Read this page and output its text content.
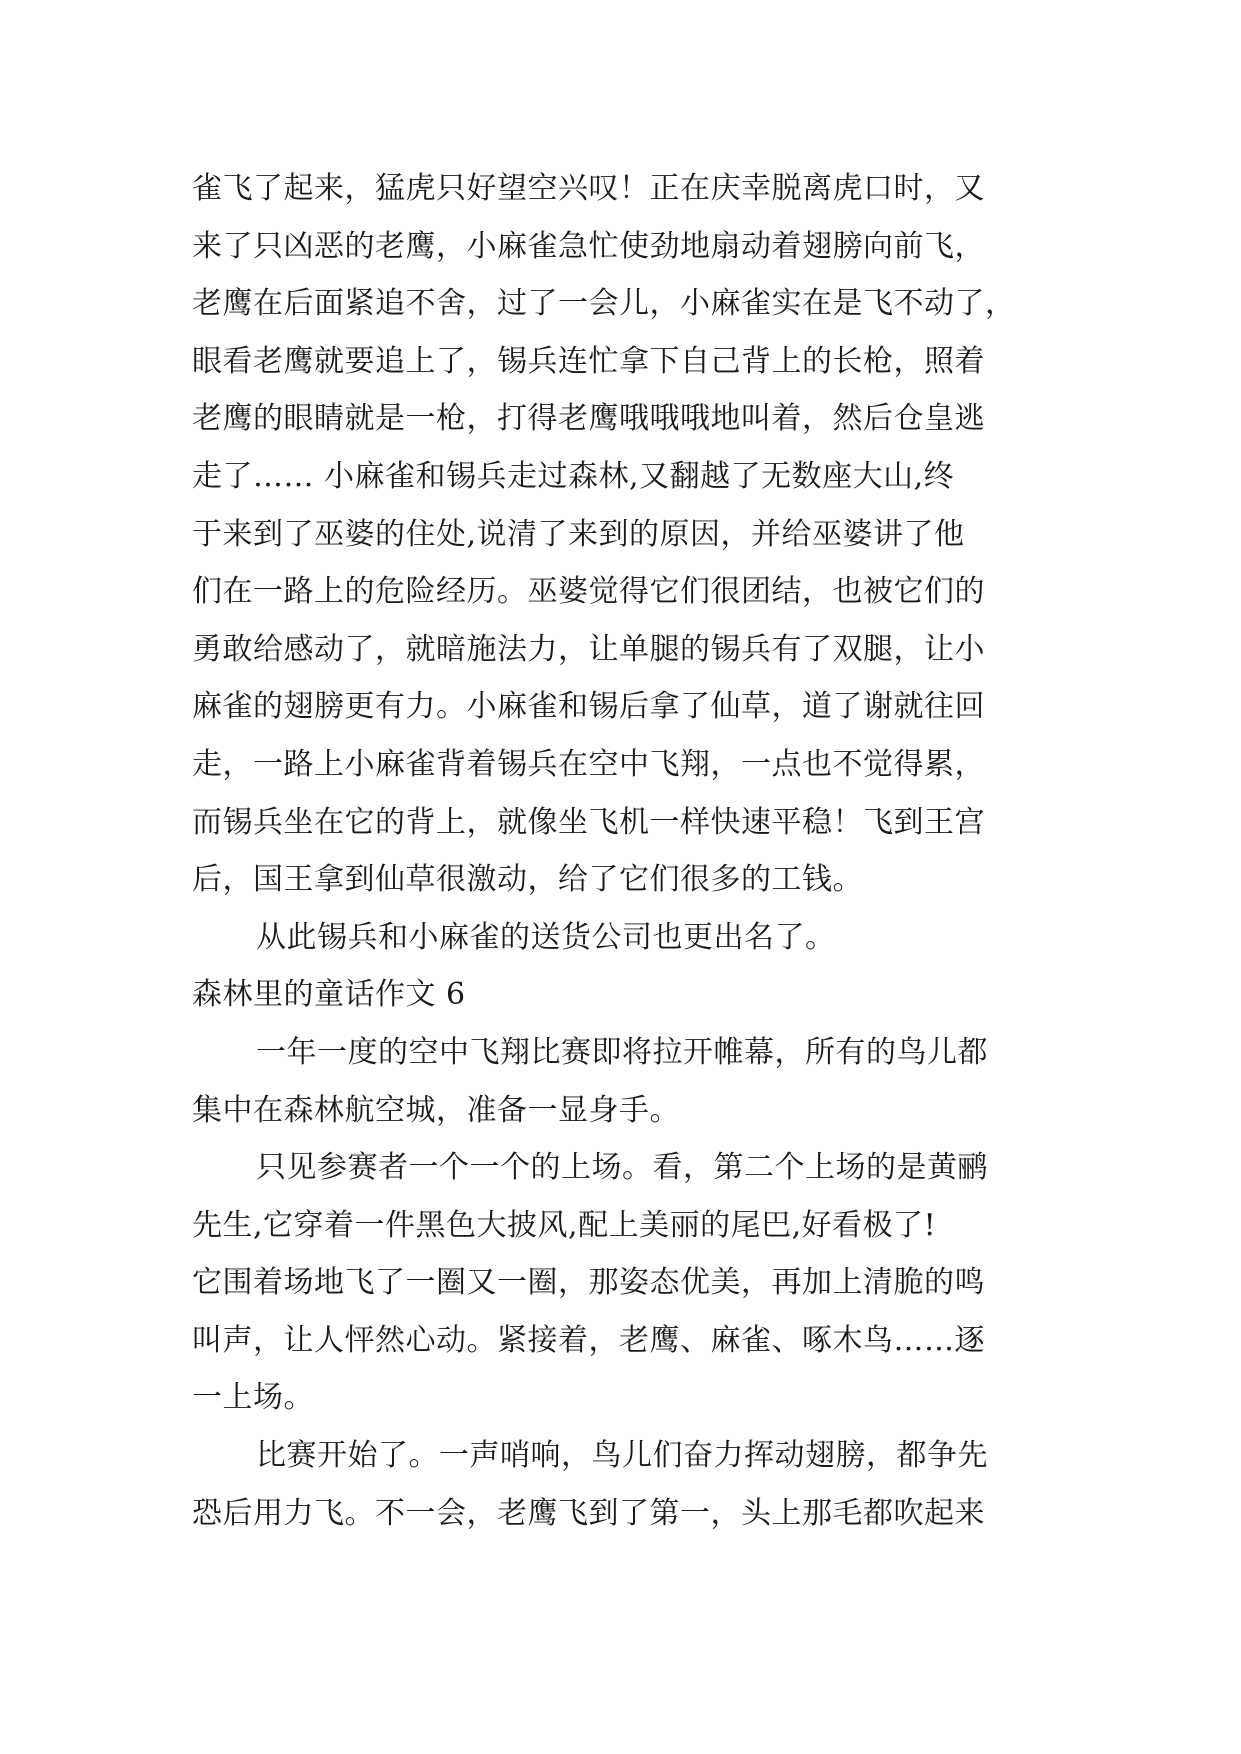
雀飞了起来，猛虎只好望空兴叹！正在庆幸脱离虎口时，又
来了只凶恶的老鹰，小麻雀急忙使劲地扇动着翅膀向前飞，
老鹰在后面紧追不舍，过了一会儿，小麻雀实在是飞不动了，
眼看老鹰就要追上了，锡兵连忙拿下自己背上的长枪，照着
老鹰的眼睛就是一枪，打得老鹰哦哦哦地叫着，然后仓皇逃
走了…… 小麻雀和锡兵走过森林,又翻越了无数座大山,终
于来到了巫婆的住处,说清了来到的原因，并给巫婆讲了他
们在一路上的危险经历。巫婆觉得它们很团结，也被它们的
勇敢给感动了，就暗施法力，让单腿的锡兵有了双腿，让小
麻雀的翅膀更有力。小麻雀和锡后拿了仙草，道了谢就往回
走，一路上小麻雀背着锡兵在空中飞翔，一点也不觉得累，
而锡兵坐在它的背上，就像坐飞机一样快速平稳！飞到王宫
后，国王拿到仙草很激动，给了它们很多的工钱。
从此锡兵和小麻雀的送货公司也更出名了。
森林里的童话作文 6
一年一度的空中飞翔比赛即将拉开帷幕，所有的鸟儿都
集中在森林航空城，准备一显身手。
只见参赛者一个一个的上场。看，第二个上场的是黄鹂
先生,它穿着一件黑色大披风,配上美丽的尾巴,好看极了!
它围着场地飞了一圈又一圈，那姿态优美，再加上清脆的鸣
叫声，让人怦然心动。紧接着，老鹰、麻雀、啄木鸟……逐
一上场。
比赛开始了。一声哨响，鸟儿们奋力挥动翅膀，都争先
恐后用力飞。不一会，老鹰飞到了第一，头上那毛都吹起来
